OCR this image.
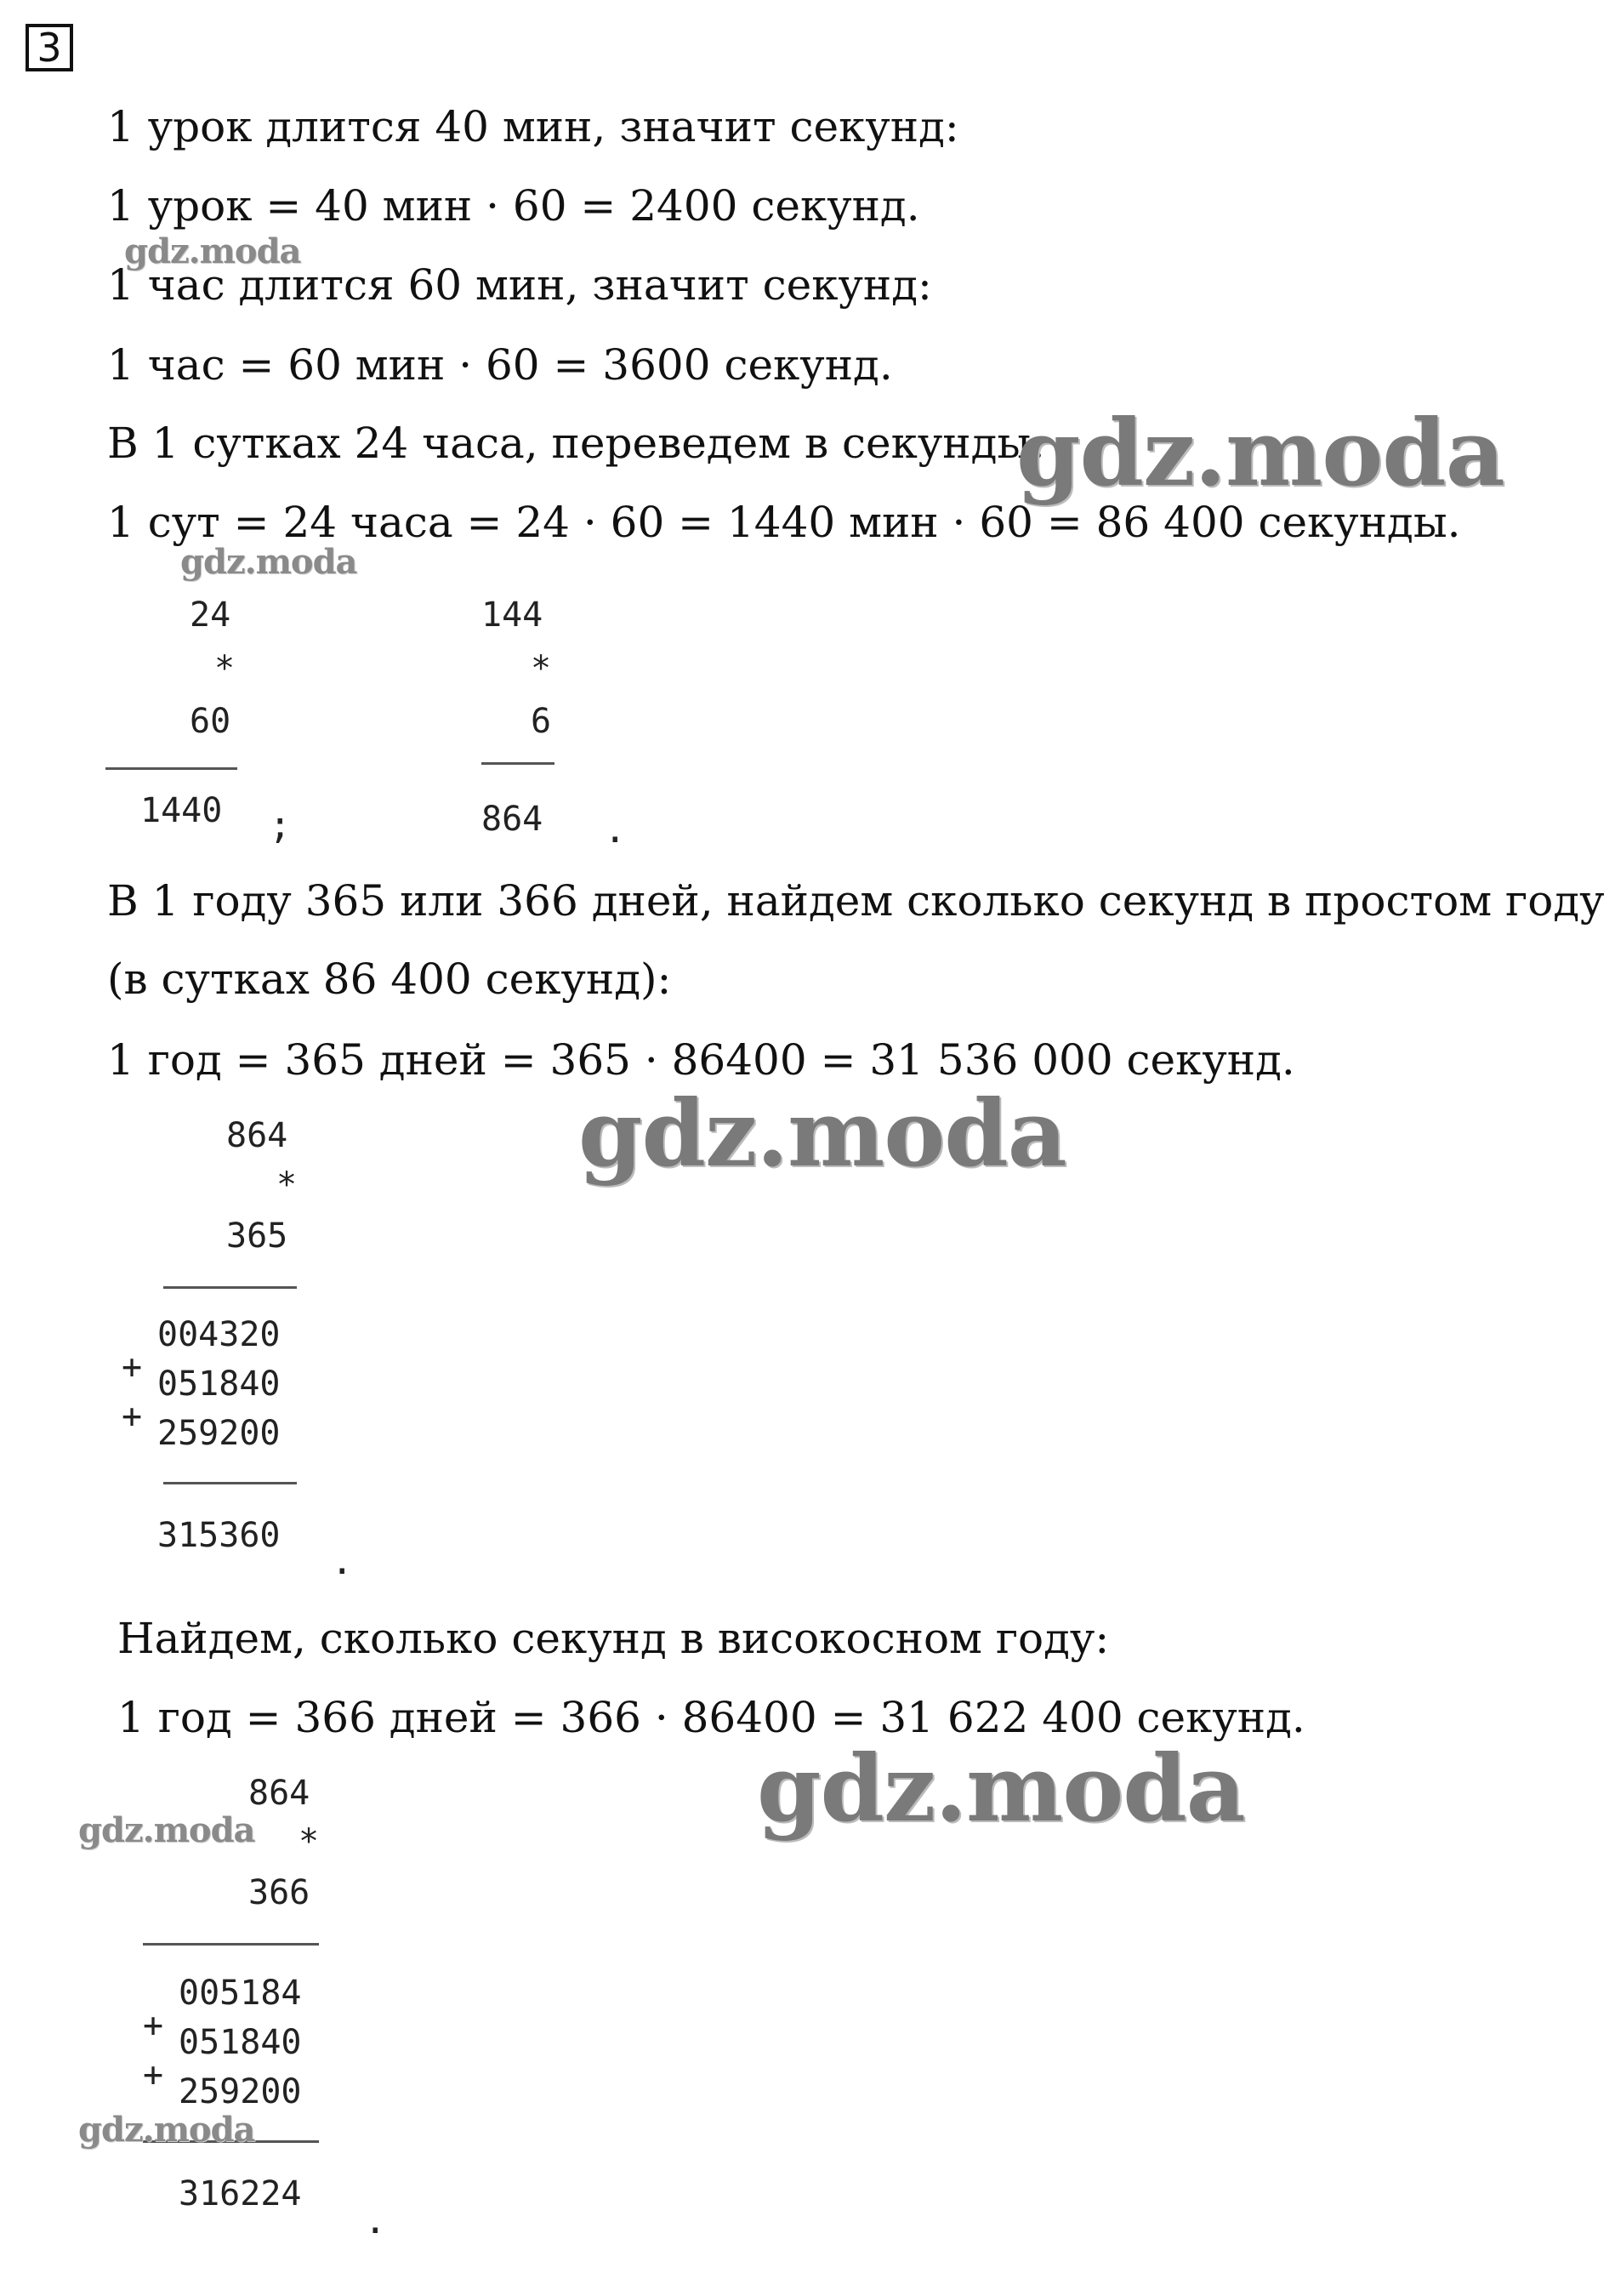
3
1 урок длится 40 мин, значит секунд:
1 урок = 40 мин · 60 = 2400 секунд.
1 час длится 60 мин, значит секунд:
1 час = 60 мин · 60 = 3600 секунд.
В 1 сутках 24 часа, переведем в секунды:
1 сут = 24 часа = 24 · 60 = 1440 мин · 60 = 86 400 секунды.
24
*
60
1440 ;
144
*
6
864 .
В 1 году 365 или 366 дней, найдем сколько секунд в простом году
(в сутках 86 400 секунд):
1 год = 365 дней = 365 · 86400 = 31 536 000 секунд.
864
*
365
004320
+ 051840
+ 259200
315360
.
Найдем, сколько секунд в високосном году:
1 год = 366 дней = 366 · 86400 = 31 622 400 секунд.
864
*
366
005184
+ 051840
+ 259200
316224
.
gdz.moda
gdz.moda
gdz.moda
gdz.moda
gdz.moda
gdz.moda
gdz.moda
